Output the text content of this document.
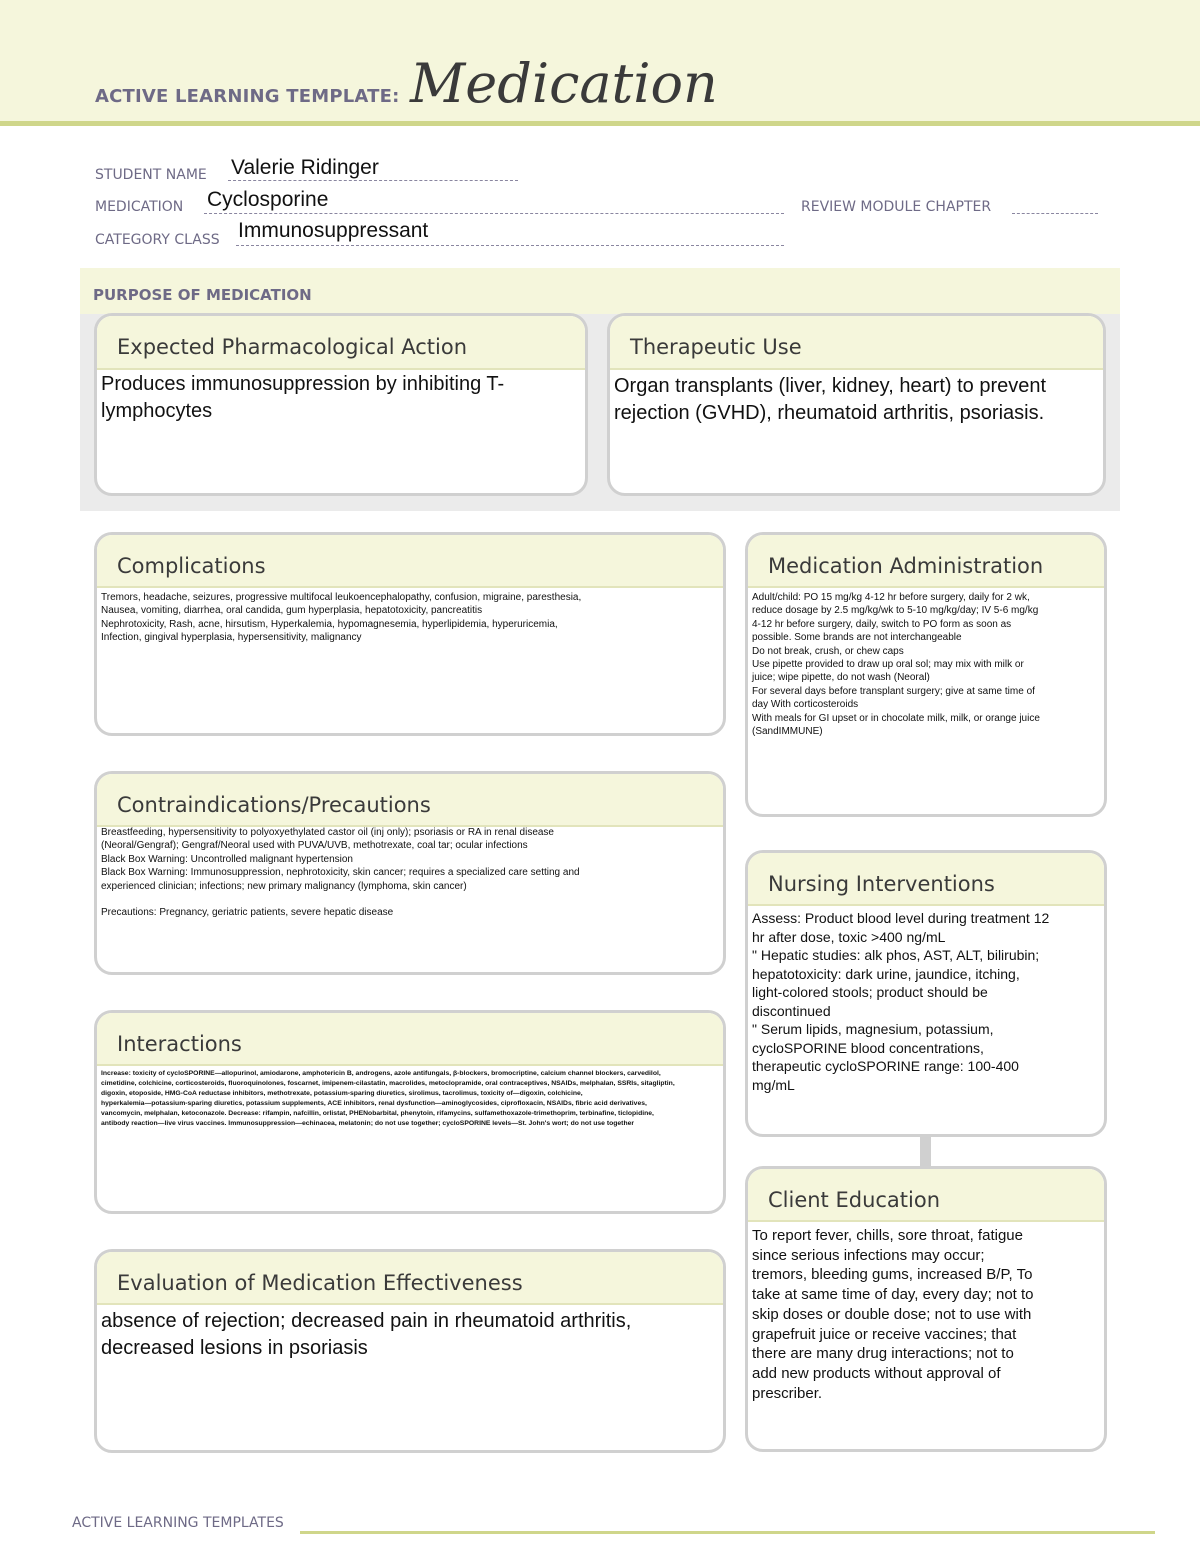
ACTIVE LEARNING TEMPLATE: Medication
STUDENT NAME Valerie Ridinger
MEDICATION Cyclosporine	REVIEW MODULE CHAPTER
CATEGORY CLASS Immunosuppressant
PURPOSE OF MEDICATION
Expected Pharmacological Action
Produces immunosuppression by inhibiting T-lymphocytes
Therapeutic Use
Organ transplants (liver, kidney, heart) to prevent rejection (GVHD), rheumatoid arthritis, psoriasis.
Complications
Tremors, headache, seizures, progressive multifocal leukoencephalopathy, confusion, migraine, paresthesia,
Nausea, vomiting, diarrhea, oral candida, gum hyperplasia, hepatotoxicity, pancreatitis
Nephrotoxicity, Rash, acne, hirsutism, Hyperkalemia, hypomagnesemia, hyperlipidemia, hyperuricemia,
Infection, gingival hyperplasia, hypersensitivity, malignancy
Medication Administration
Adult/child: PO 15 mg/kg 4-12 hr before surgery, daily for 2 wk,
reduce dosage by 2.5 mg/kg/wk to 5-10 mg/kg/day; IV 5-6 mg/kg
4-12 hr before surgery, daily, switch to PO form as soon as
possible. Some brands are not interchangeable
Do not break, crush, or chew caps
Use pipette provided to draw up oral sol; may mix with milk or
juice; wipe pipette, do not wash (Neoral)
For several days before transplant surgery; give at same time of
day With corticosteroids
With meals for GI upset or in chocolate milk, milk, or orange juice
(SandIMMUNE)
Contraindications/Precautions
Breastfeeding, hypersensitivity to polyoxyethylated castor oil (inj only); psoriasis or RA in renal disease
(Neoral/Gengraf); Gengraf/Neoral used with PUVA/UVB, methotrexate, coal tar; ocular infections
Black Box Warning: Uncontrolled malignant hypertension
Black Box Warning: Immunosuppression, nephrotoxicity, skin cancer; requires a specialized care setting and
experienced clinician; infections; new primary malignancy (lymphoma, skin cancer)
Precautions: Pregnancy, geriatric patients, severe hepatic disease
Nursing Interventions
Assess: Product blood level during treatment 12
hr after dose, toxic >400 ng/mL
" Hepatic studies: alk phos, AST, ALT, bilirubin;
hepatotoxicity: dark urine, jaundice, itching,
light-colored stools; product should be
discontinued
" Serum lipids, magnesium, potassium,
cycloSPORINE blood concentrations,
therapeutic cycloSPORINE range: 100-400
mg/mL
Interactions
Increase: toxicity of cycloSPORINE—allopurinol, amiodarone, amphotericin B, androgens, azole antifungals, β-blockers, bromocriptine, calcium channel blockers, carvedilol,
cimetidine, colchicine, corticosteroids, fluoroquinolones, foscarnet, imipenem-cilastatin, macrolides, metoclopramide, oral contraceptives, NSAIDs, melphalan, SSRIs, sitagliptin,
digoxin, etoposide, HMG-CoA reductase inhibitors, methotrexate, potassium-sparing diuretics, sirolimus, tacrolimus, toxicity of—digoxin, colchicine,
hyperkalemia—potassium-sparing diuretics, potassium supplements, ACE inhibitors, renal dysfunction—aminoglycosides, ciprofloxacin, NSAIDs, fibric acid derivatives,
vancomycin, melphalan, ketoconazole. Decrease: rifampin, nafcillin, orlistat, PHENobarbital, phenytoin, rifamycins, sulfamethoxazole-trimethoprim, terbinafine, ticlopidine,
antibody reaction—live virus vaccines. Immunosuppression—echinacea, melatonin; do not use together; cycloSPORINE levels—St. John's wort; do not use together
Client Education
To report fever, chills, sore throat, fatigue
since serious infections may occur;
tremors, bleeding gums, increased B/P, To
take at same time of day, every day; not to
skip doses or double dose; not to use with
grapefruit juice or receive vaccines; that
there are many drug interactions; not to
add new products without approval of
prescriber.
Evaluation of Medication Effectiveness
absence of rejection; decreased pain in rheumatoid arthritis, decreased lesions in psoriasis
ACTIVE LEARNING TEMPLATES
